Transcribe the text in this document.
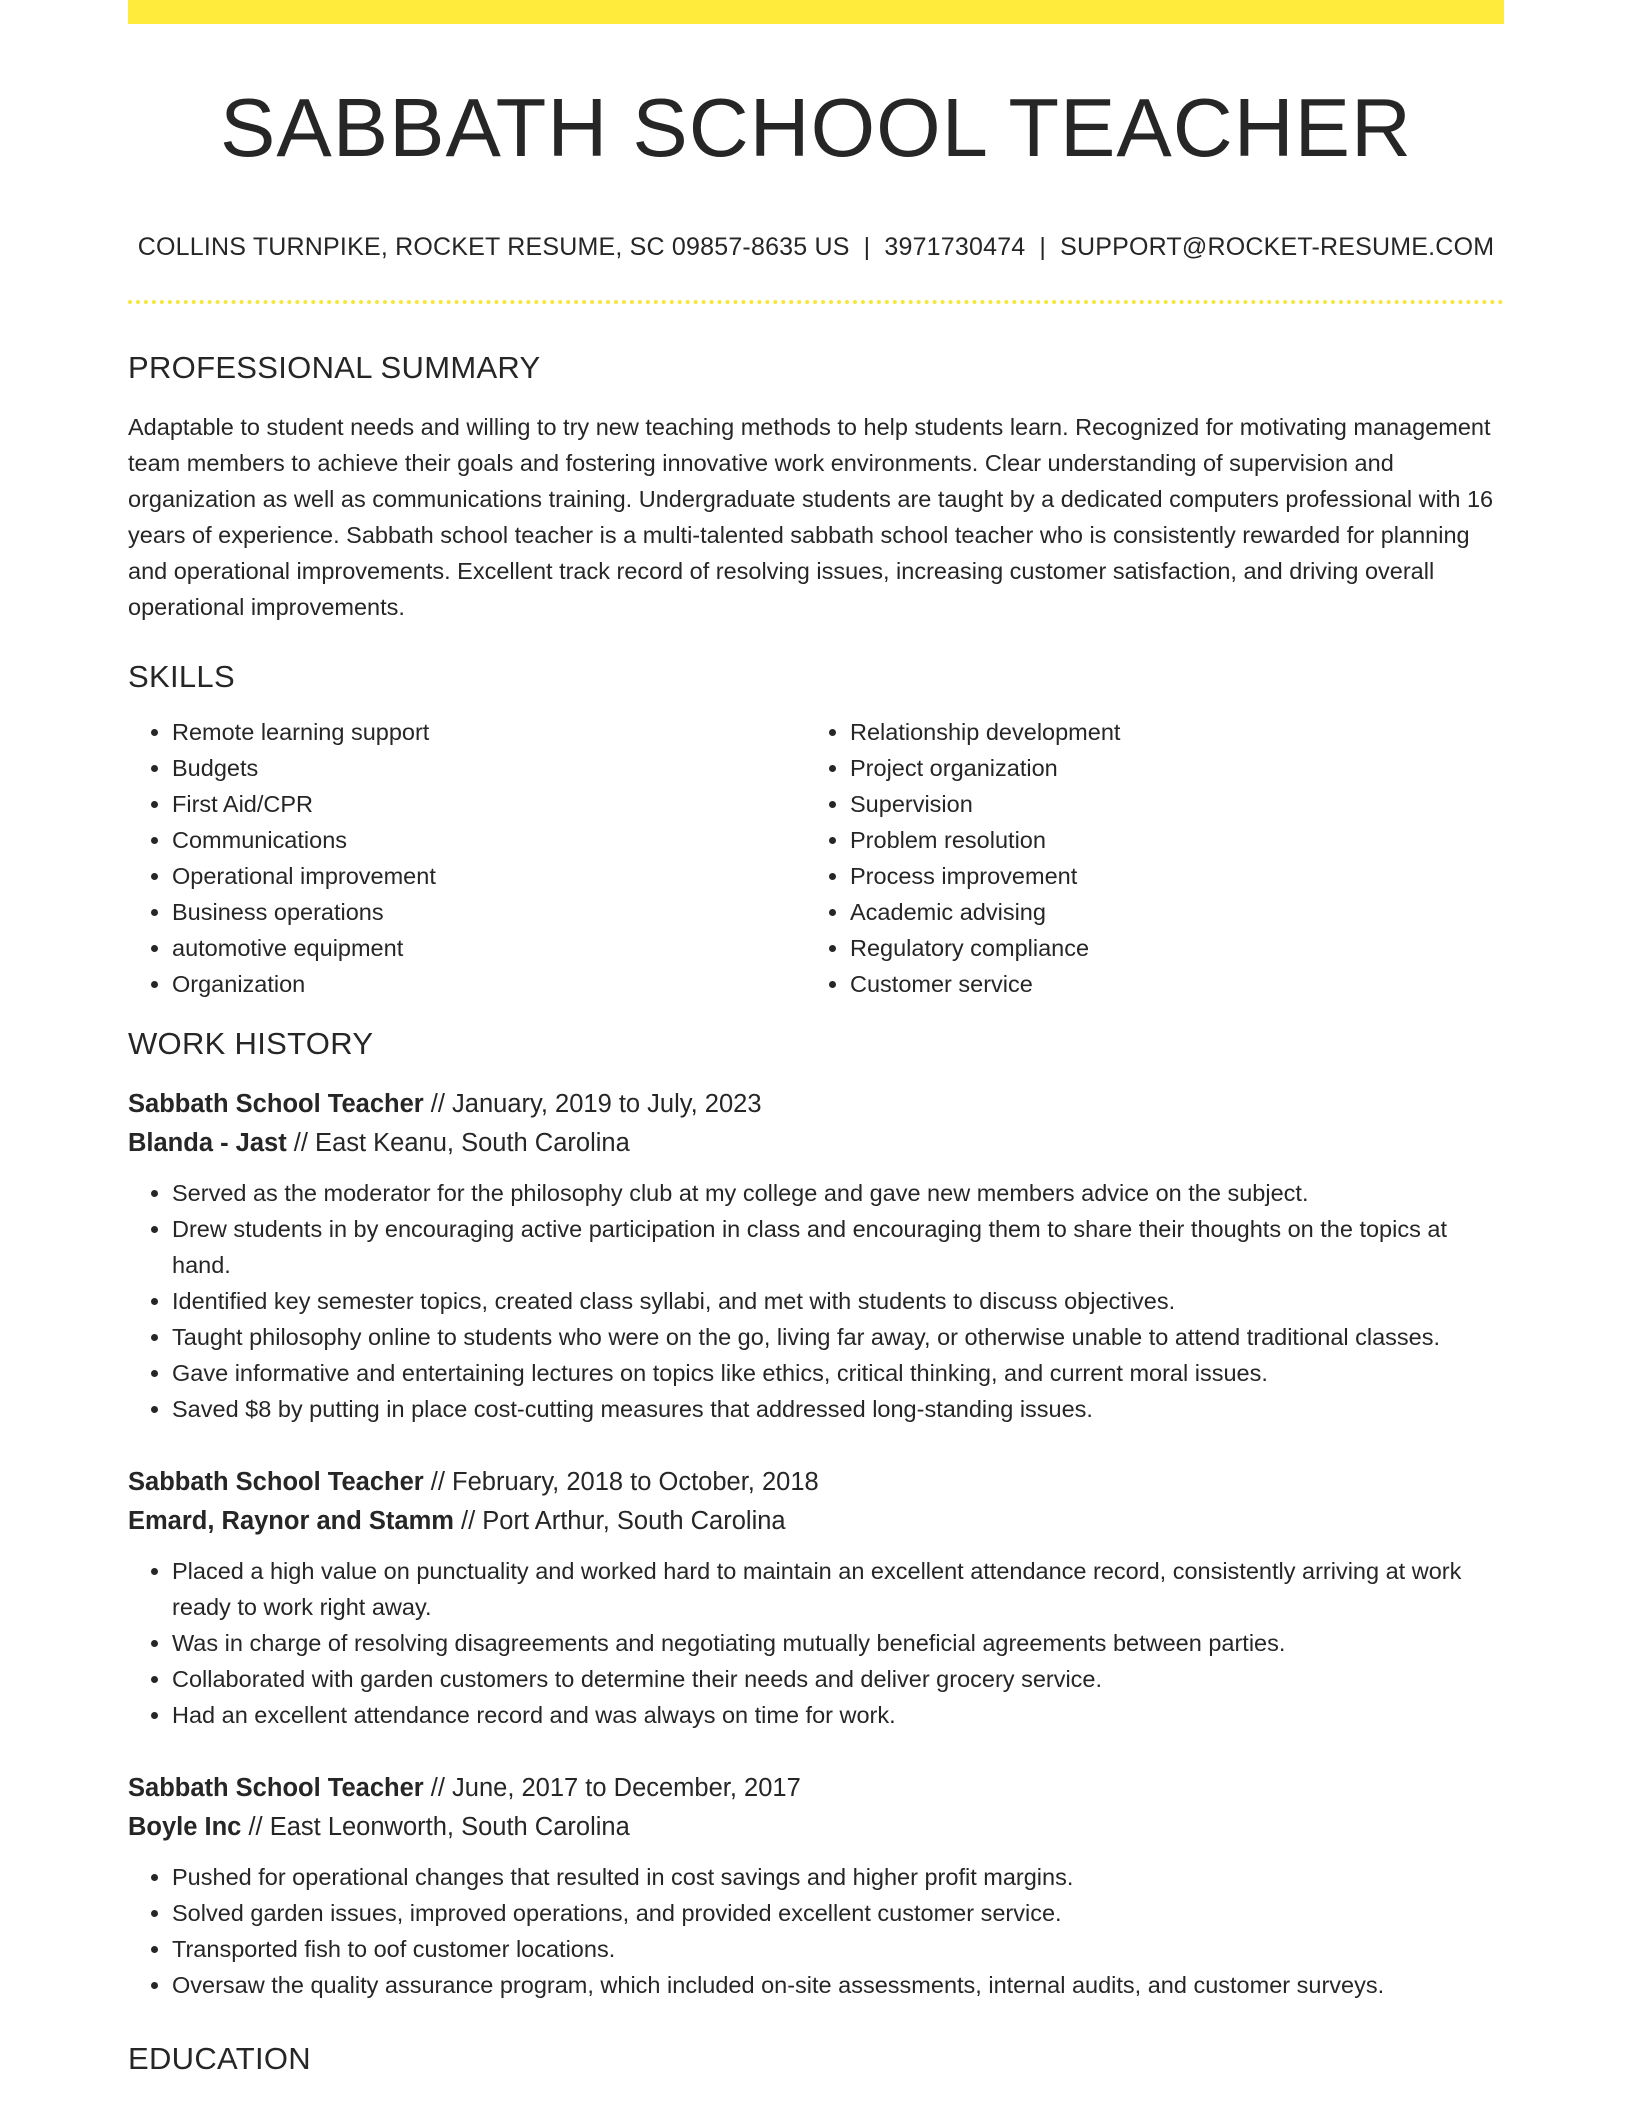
SABBATH SCHOOL TEACHER
COLLINS TURNPIKE, ROCKET RESUME, SC 09857-8635 US | 3971730474 | SUPPORT@ROCKET-RESUME.COM
PROFESSIONAL SUMMARY

Adaptable to student needs and willing to try new teaching methods to help students learn. Recognized for motivating management team members to achieve their goals and fostering innovative work environments. Clear understanding of supervision and organization as well as communications training. Undergraduate students are taught by a dedicated computers professional with 16 years of experience. Sabbath school teacher is a multi-talented sabbath school teacher who is consistently rewarded for planning and operational improvements. Excellent track record of resolving issues, increasing customer satisfaction, and driving overall operational improvements.

SKILLS
• Remote learning support
• Budgets
• First Aid/CPR
• Communications
• Operational improvement
• Business operations
• automotive equipment
• Organization
• Relationship development
• Project organization
• Supervision
• Problem resolution
• Process improvement
• Academic advising
• Regulatory compliance
• Customer service
WORK HISTORY
Sabbath School Teacher // January, 2019 to July, 2023
Blanda - Jast // East Keanu, South Carolina
• Served as the moderator for the philosophy club at my college and gave new members advice on the subject.
• Drew students in by encouraging active participation in class and encouraging them to share their thoughts on the topics at hand.
• Identified key semester topics, created class syllabi, and met with students to discuss objectives.
• Taught philosophy online to students who were on the go, living far away, or otherwise unable to attend traditional classes.
• Gave informative and entertaining lectures on topics like ethics, critical thinking, and current moral issues.
• Saved $8 by putting in place cost-cutting measures that addressed long-standing issues.
Sabbath School Teacher // February, 2018 to October, 2018
Emard, Raynor and Stamm // Port Arthur, South Carolina
• Placed a high value on punctuality and worked hard to maintain an excellent attendance record, consistently arriving at work ready to work right away.
• Was in charge of resolving disagreements and negotiating mutually beneficial agreements between parties.
• Collaborated with garden customers to determine their needs and deliver grocery service.
• Had an excellent attendance record and was always on time for work.
Sabbath School Teacher // June, 2017 to December, 2017
Boyle Inc // East Leonworth, South Carolina
• Pushed for operational changes that resulted in cost savings and higher profit margins.
• Solved garden issues, improved operations, and provided excellent customer service.
• Transported fish to oof customer locations.
• Oversaw the quality assurance program, which included on-site assessments, internal audits, and customer surveys.
EDUCATION
